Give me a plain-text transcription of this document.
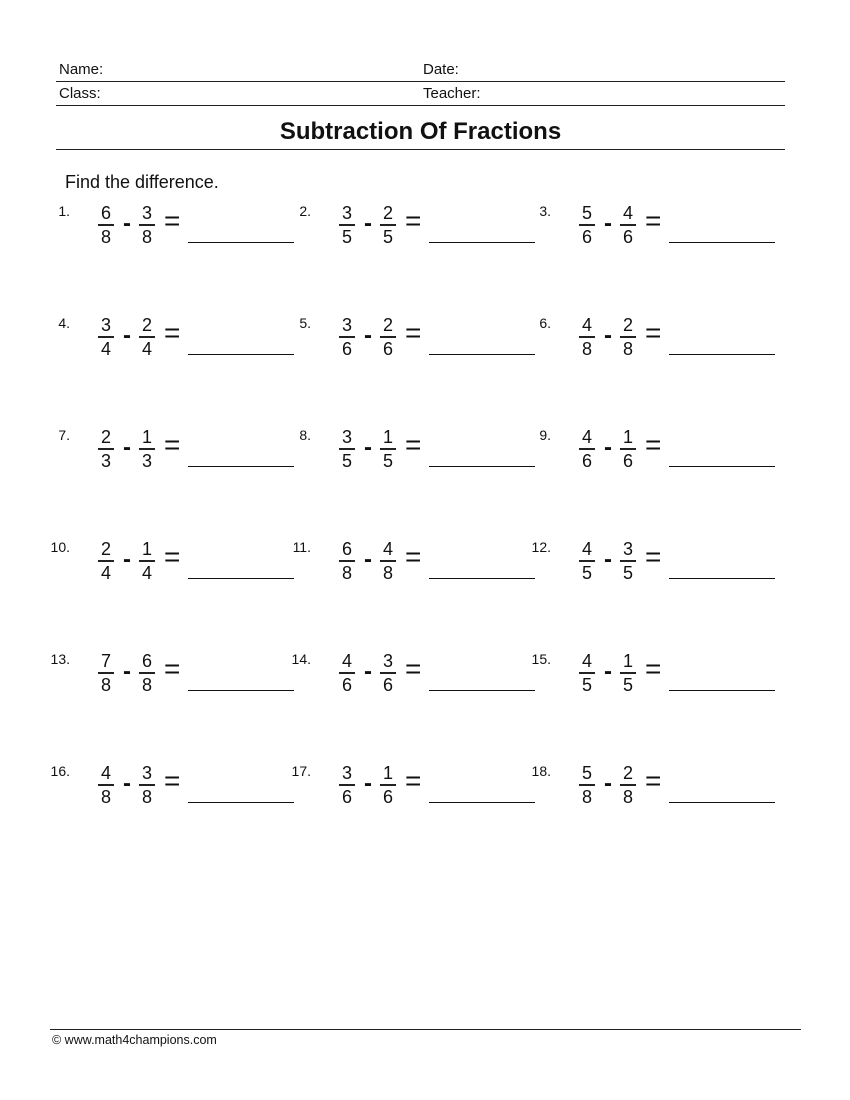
Name:	Date:
Class:	Teacher:
Subtraction Of Fractions
Find the difference.
1. 6
8 - 3
8
=	2. 3
5 - 2
5
=	3. 5
6 - 4
6
=
4. 3
4 - 2
4
=	5. 3
6 - 2
6
=	6. 4
8 - 2
8
=
7. 2
3 - 1
3
=	8. 3
5 - 1
5
=	9. 4
6 - 1
6
=
10. 2
4 - 1
4
=	11. 6
8 - 4
8
=	12. 4
5 - 3
5
=
13. 7
8 - 6
8
=	14. 4
6 - 3
6
=	15. 4
5 - 1
5
=
16. 4
8 - 3
8
=	17. 3
6 - 1
6
=	18. 5
8 - 2
8
=
© www.math4champions.com
